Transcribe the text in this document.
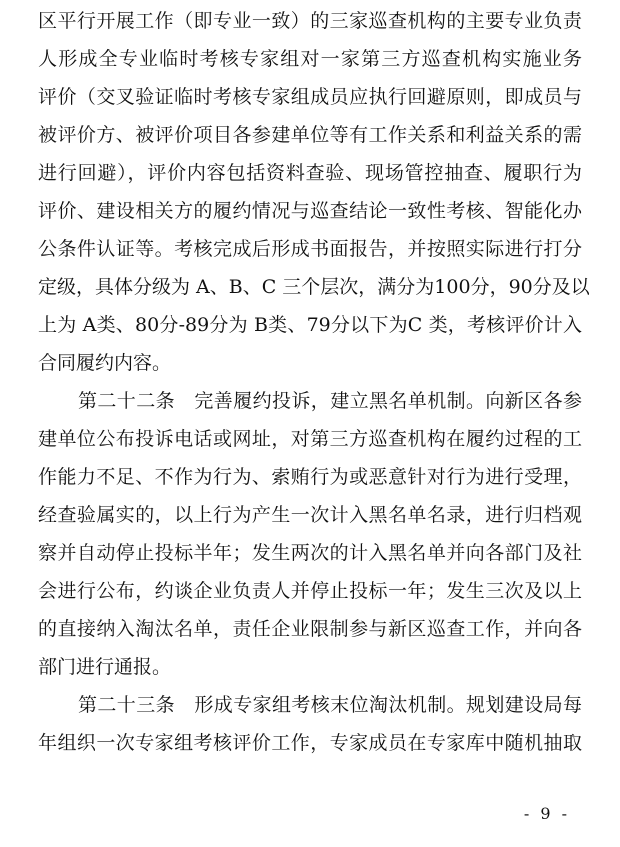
区平行开展工作（即专业一致）的三家巡查机构的主要专业负责
人形成全专业临时考核专家组对一家第三方巡查机构实施业务
评价（交叉验证临时考核专家组成员应执行回避原则，即成员与
被评价方、被评价项目各参建单位等有工作关系和利益关系的需
进行回避），评价内容包括资料查验、现场管控抽查、履职行为
评价、建设相关方的履约情况与巡查结论一致性考核、智能化办
公条件认证等。考核完成后形成书面报告，并按照实际进行打分
定级，具体分级为 A、B、C 三个层次，满分为100分，90分及以
上为 A类、80分-89分为 B类、79分以下为C 类，考核评价计入
合同履约内容。
第二十二条　完善履约投诉，建立黑名单机制。向新区各参
建单位公布投诉电话或网址，对第三方巡查机构在履约过程的工
作能力不足、不作为行为、索贿行为或恶意针对行为进行受理，
经查验属实的，以上行为产生一次计入黑名单名录，进行归档观
察并自动停止投标半年；发生两次的计入黑名单并向各部门及社
会进行公布，约谈企业负责人并停止投标一年；发生三次及以上
的直接纳入淘汰名单，责任企业限制参与新区巡查工作，并向各
部门进行通报。
第二十三条　形成专家组考核末位淘汰机制。规划建设局每
年组织一次专家组考核评价工作，专家成员在专家库中随机抽取
- 9 -
